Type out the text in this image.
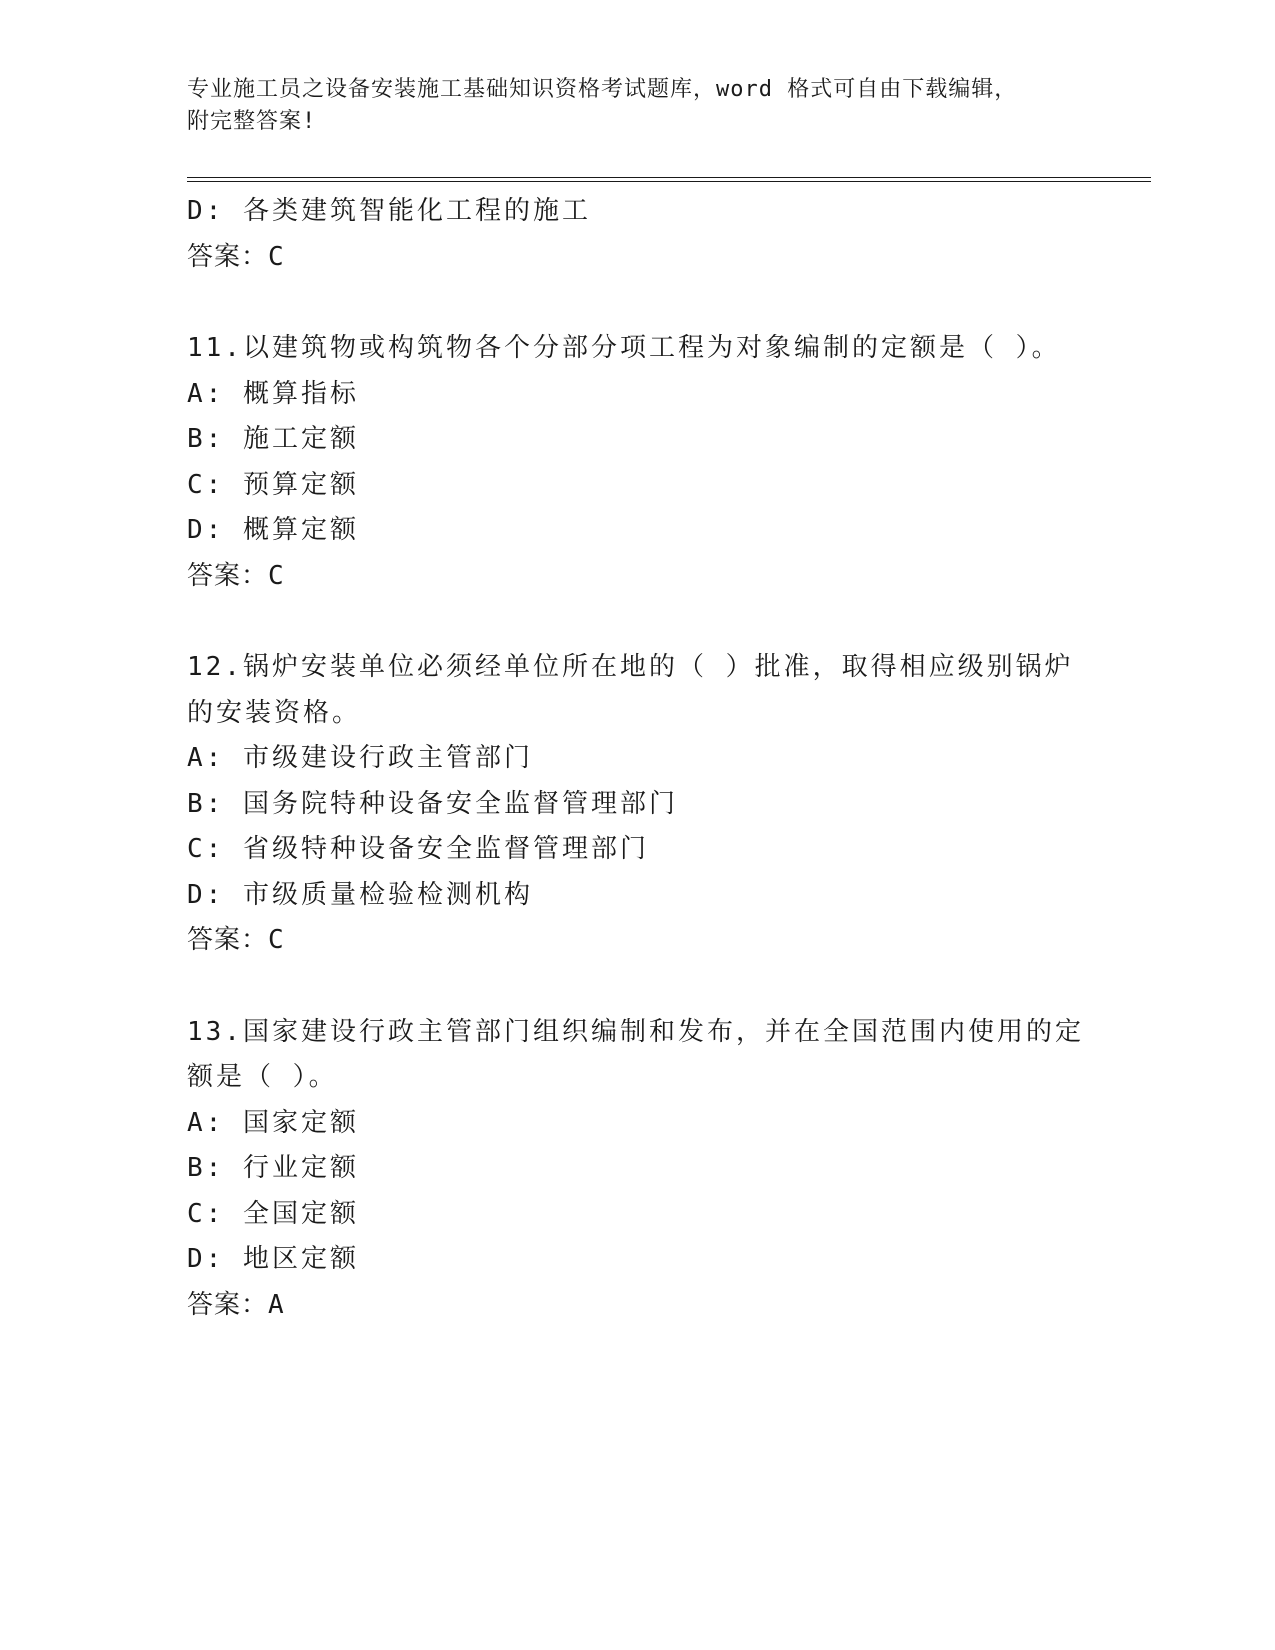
专业施工员之设备安装施工基础知识资格考试题库，word 格式可自由下载编辑，
附完整答案!
D: 各类建筑智能化工程的施工
答案：C
11.以建筑物或构筑物各个分部分项工程为对象编制的定额是（ ）。
A: 概算指标
B: 施工定额
C: 预算定额
D: 概算定额
答案：C
12.锅炉安装单位必须经单位所在地的（ ）批准，取得相应级别锅炉
的安装资格。
A: 市级建设行政主管部门
B: 国务院特种设备安全监督管理部门
C: 省级特种设备安全监督管理部门
D: 市级质量检验检测机构
答案：C
13.国家建设行政主管部门组织编制和发布，并在全国范围内使用的定
额是（ ）。
A: 国家定额
B: 行业定额
C: 全国定额
D: 地区定额
答案：A
